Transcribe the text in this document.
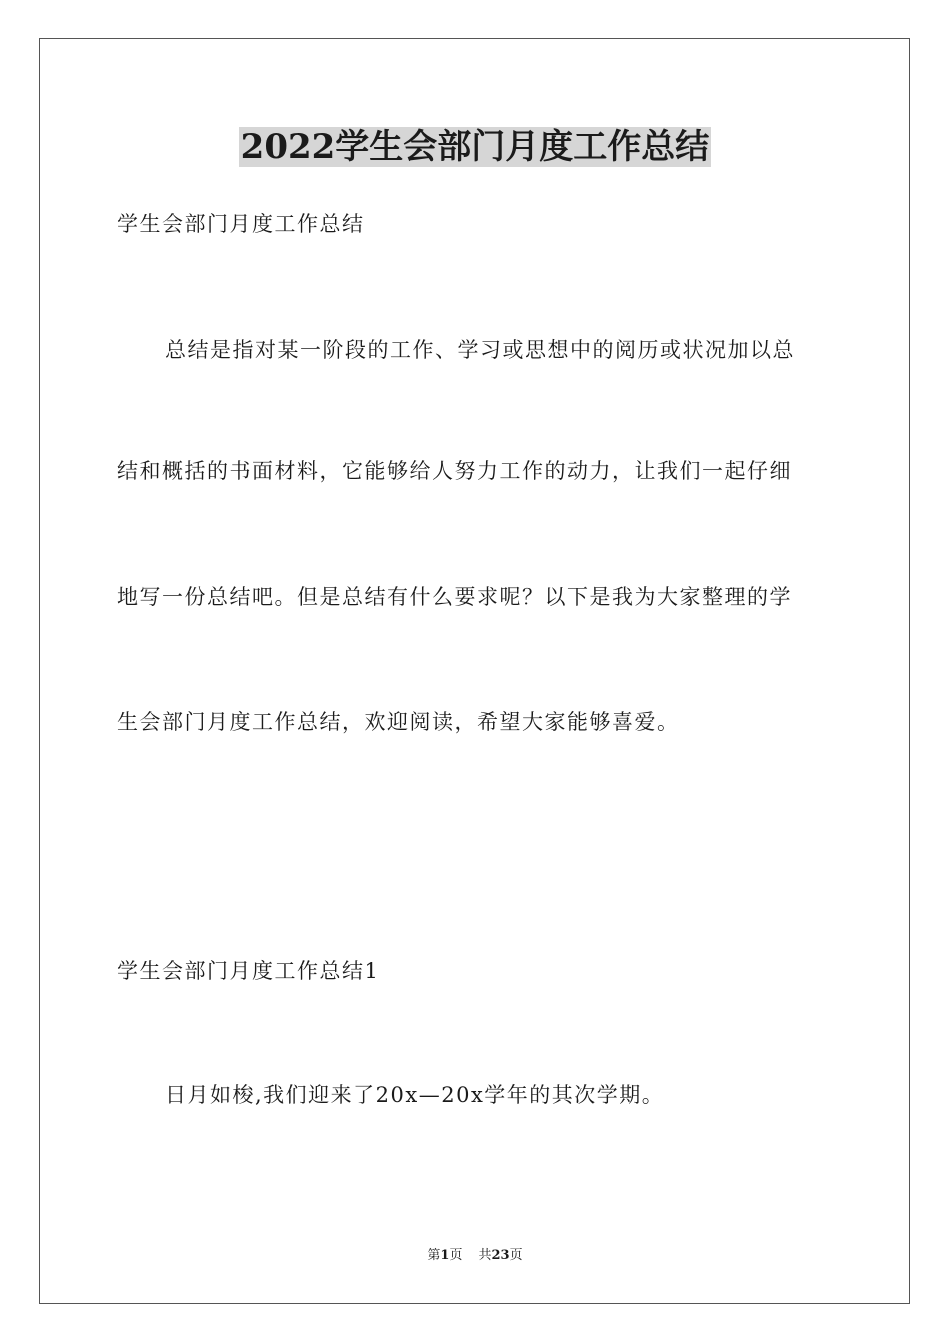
2022学生会部门月度工作总结
学生会部门月度工作总结
总结是指对某一阶段的工作、学习或思想中的阅历或状况加以总
结和概括的书面材料，它能够给人努力工作的动力，让我们一起仔细
地写一份总结吧。但是总结有什么要求呢？以下是我为大家整理的学
生会部门月度工作总结，欢迎阅读，希望大家能够喜爱。
学生会部门月度工作总结1
日月如梭,我们迎来了20x—20x学年的其次学期。
第1页 共23页
